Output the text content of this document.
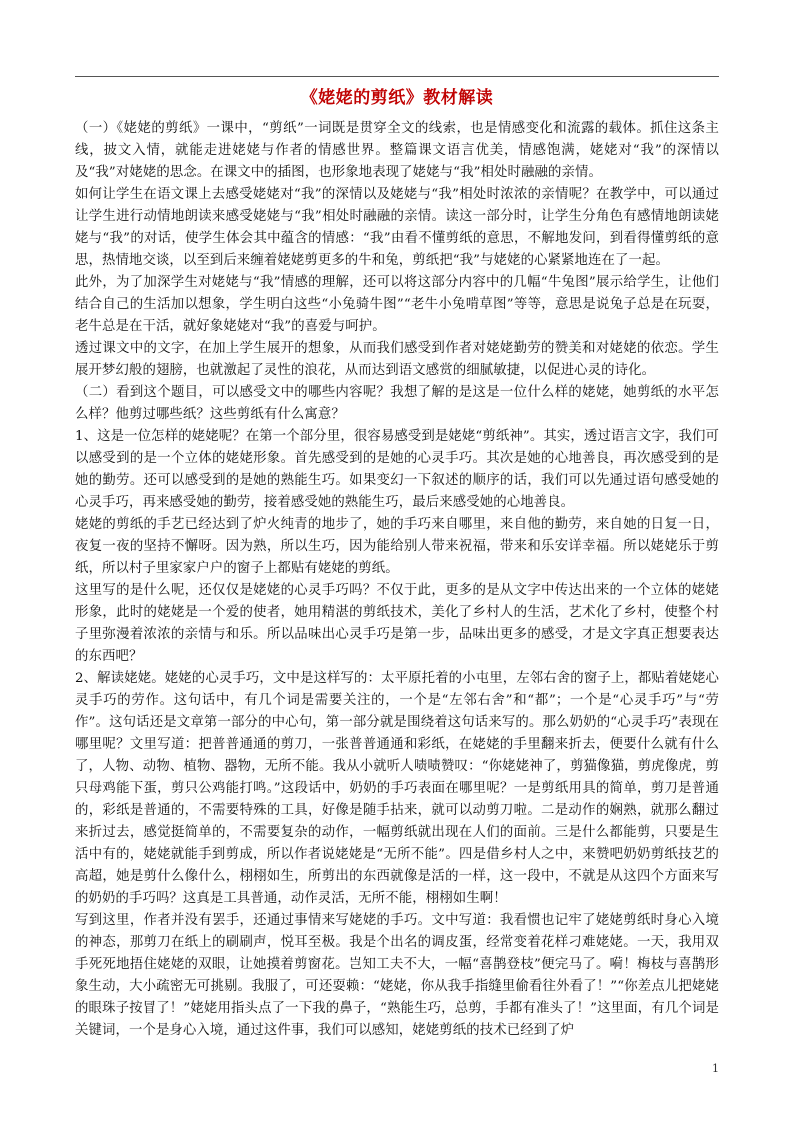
《姥姥的剪纸》教材解读

（一）《姥姥的剪纸》一课中，“剪纸”一词既是贯穿全文的线索，也是情感变化和流露的载体。抓住这条主线，披文入情，就能走进姥姥与作者的情感世界。整篇课文语言优美，情感饱满，姥姥对“我”的深情以及“我”对姥姥的思念。在课文中的插图，也形象地表现了姥姥与“我”相处时融融的亲情。

如何让学生在语文课上去感受姥姥对“我”的深情以及姥姥与“我”相处时浓浓的亲情呢？在教学中，可以通过让学生进行动情地朗读来感受姥姥与“我”相处时融融的亲情。读这一部分时，让学生分角色有感情地朗读姥姥与“我”的对话，使学生体会其中蕴含的情感：“我”由看不懂剪纸的意思，不解地发问，到看得懂剪纸的意思，热情地交谈，以至到后来缠着姥姥剪更多的牛和兔，剪纸把“我”与姥姥的心紧紧地连在了一起。

此外，为了加深学生对姥姥与“我”情感的理解，还可以将这部分内容中的几幅“牛兔图”展示给学生，让他们结合自己的生活加以想象，学生明白这些“小兔骑牛图”“老牛小兔啃草图”等等，意思是说兔子总是在玩耍，老牛总是在干活，就好象姥姥对“我”的喜爱与呵护。

透过课文中的文字，在加上学生展开的想象，从而我们感受到作者对姥姥勤劳的赞美和对姥姥的依恋。学生展开梦幻般的翅膀，也就激起了灵性的浪花，从而达到语文感赏的细腻敏捷，以促进心灵的诗化。

（二）看到这个题目，可以感受文中的哪些内容呢？我想了解的是这是一位什么样的姥姥，她剪纸的水平怎么样？他剪过哪些纸？这些剪纸有什么寓意？

1、这是一位怎样的姥姥呢？在第一个部分里，很容易感受到是姥姥“剪纸神”。其实，透过语言文字，我们可以感受到的是一个立体的姥姥形象。首先感受到的是她的心灵手巧。其次是她的心地善良，再次感受到的是她的勤劳。还可以感受到的是她的熟能生巧。如果变幻一下叙述的顺序的话，我们可以先通过语句感受她的心灵手巧，再来感受她的勤劳，接着感受她的熟能生巧，最后来感受她的心地善良。

姥姥的剪纸的手艺已经达到了炉火纯青的地步了，她的手巧来自哪里，来自他的勤劳，来自她的日复一日，夜复一夜的坚持不懈呀。因为熟，所以生巧，因为能给别人带来祝福，带来和乐安详幸福。所以姥姥乐于剪纸，所以村子里家家户户的窗子上都贴有姥姥的剪纸。

这里写的是什么呢，还仅仅是姥姥的心灵手巧吗？不仅于此，更多的是从文字中传达出来的一个立体的姥姥形象，此时的姥姥是一个爱的使者，她用精湛的剪纸技术，美化了乡村人的生活，艺术化了乡村，使整个村子里弥漫着浓浓的亲情与和乐。所以品味出心灵手巧是第一步，品味出更多的感受，才是文字真正想要表达的东西吧？

2、解读姥姥。姥姥的心灵手巧，文中是这样写的：太平原托着的小屯里，左邻右舍的窗子上，都贴着姥姥心灵手巧的劳作。这句话中，有几个词是需要关注的，一个是“左邻右舍”和“都”；一个是“心灵手巧”与“劳作”。这句话还是文章第一部分的中心句，第一部分就是围绕着这句话来写的。那么奶奶的“心灵手巧”表现在哪里呢？文里写道：把普普通通的剪刀，一张普普通通和彩纸，在姥姥的手里翻来折去，便要什么就有什么了，人物、动物、植物、器物，无所不能。我从小就听人啧啧赞叹：“你姥姥神了，剪猫像猫，剪虎像虎，剪只母鸡能下蛋，剪只公鸡能打鸣。”这段话中，奶奶的手巧表面在哪里呢？一是剪纸用具的简单，剪刀是普通的，彩纸是普通的，不需要特殊的工具，好像是随手拈来，就可以动剪刀啦。二是动作的娴熟，就那么翻过来折过去，感觉挺简单的，不需要复杂的动作，一幅剪纸就出现在人们的面前。三是什么都能剪，只要是生活中有的，姥姥就能手到剪成，所以作者说姥姥是“无所不能”。四是借乡村人之中，来赞吧奶奶剪纸技艺的高超，她是剪什么像什么，栩栩如生，所剪出的东西就像是活的一样，这一段中，不就是从这四个方面来写的奶奶的手巧吗？这真是工具普通，动作灵活，无所不能，栩栩如生啊！

写到这里，作者并没有罢手，还通过事情来写姥姥的手巧。文中写道：我看惯也记牢了姥姥剪纸时身心入境的神态，那剪刀在纸上的刷刷声，悦耳至极。我是个出名的调皮蛋，经常变着花样刁难姥姥。一天，我用双手死死地捂住姥姥的双眼，让她摸着剪窗花。岂知工夫不大，一幅“喜鹊登枝”便完马了。嗬！梅枝与喜鹊形象生动，大小疏密无可挑剔。我服了，可还耍赖：“姥姥，你从我手指缝里偷看往外看了！”“你差点儿把姥姥的眼珠子按冒了！”姥姥用指头点了一下我的鼻子，“熟能生巧，总剪，手都有准头了！”这里面，有几个词是关键词，一个是身心入境，通过这件事，我们可以感知，姥姥剪纸的技术已经到了炉

1
